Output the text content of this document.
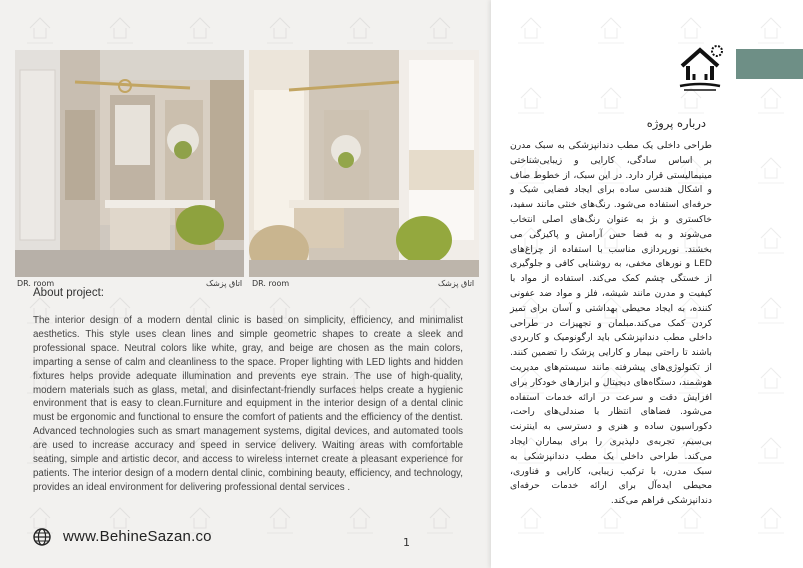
DR. room	اتاق پزشک DR. room	اتاق پزشک
About project:
The interior design of a modern dental clinic is based on simplicity, efficiency, and minimalist aesthetics. This style uses clean lines and simple geometric shapes to create a sleek and professional space. Neutral colors like white, gray, and beige are chosen as the main colors, imparting a sense of calm and cleanliness to the space. Proper lighting with LED lights and hidden fixtures helps provide adequate illumination and prevents eye strain. The use of high-quality, modern materials such as glass, metal, and disinfectant-friendly surfaces helps create a hygienic environment that is easy to clean.Furniture and equipment in the interior design of a dental clinic must be ergonomic and functional to ensure the comfort of patients and the efficiency of the dentist. Advanced technologies such as smart management systems, digital devices, and automated tools are used to increase accuracy and speed in service delivery. Waiting areas with comfortable seating, simple and artistic decor, and access to wireless internet create a pleasant experience for patients. The interior design of a modern dental clinic, combining beauty, efficiency, and technology, provides an ideal environment for delivering professional dental services .
www.BehineSazan.co	1
درباره پروژه
طراحی داخلی یک مطب دندانپزشکی به سبک مدرن بر اساس سادگی، کارایی و زیبایی‌شناختی مینیمالیستی قرار دارد. در این سبک، از خطوط صاف و اشکال هندسی ساده برای ایجاد فضایی شیک و حرفه‌ای استفاده می‌شود. رنگ‌های خنثی مانند سفید، خاکستری و بژ به عنوان رنگ‌های اصلی انتخاب می‌شوند و به فضا حس آرامش و پاکیزگی می بخشند. نورپردازی مناسب با استفاده از چراغ‌های LED و نورهای مخفی، به روشنایی کافی و جلوگیری از خستگی چشم کمک می‌کند. استفاده از مواد با کیفیت و مدرن مانند شیشه، فلز و مواد ضد عفونی کننده، به ایجاد محیطی بهداشتی و آسان برای تمیز کردن کمک می‌کند.مبلمان و تجهیزات در طراحی داخلی مطب دندانپزشکی باید ارگونومیک و کاربردی باشند تا راحتی بیمار و کارایی پزشک را تضمین کنند. از تکنولوژی‌های پیشرفته مانند سیستم‌های مدیریت هوشمند، دستگاه‌های دیجیتال و ابزارهای خودکار برای افزایش دقت و سرعت در ارائه خدمات استفاده می‌شود. فضاهای انتظار با صندلی‌های راحت، دکوراسیون ساده و هنری و دسترسی به اینترنت بی‌سیم، تجربه‌ی دلپذیری را برای بیماران ایجاد می‌کند. طراحی داخلی یک مطب دندانپزشکی به سبک مدرن، با ترکیب زیبایی، کارایی و فناوری، محیطی ایده‌آل برای ارائه خدمات حرفه‌ای دندانپزشکی فراهم می‌کند.
